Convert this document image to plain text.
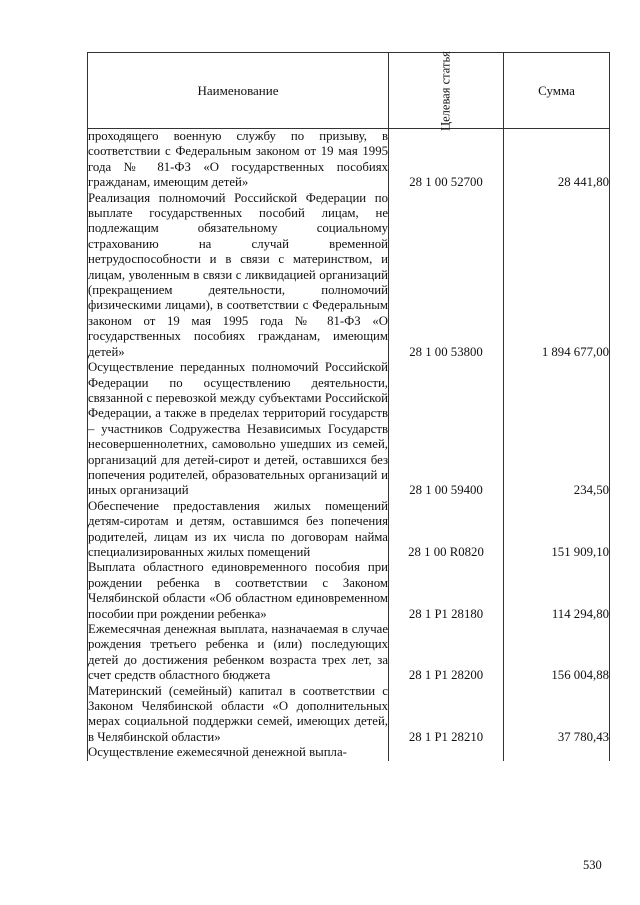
Наименование	Целевая статья	Сумма
проходящего военную службу по призыву, в соответствии с Федеральным законом от 19 мая 1995 года № 81-ФЗ «О государственных пособиях гражданам, имеющим детей»	28 1 00 52700	28 441,80
Реализация полномочий Российской Федерации по выплате государственных пособий лицам, не подлежащим обязательному социальному страхованию на случай временной нетрудоспособности и в связи с материнством, и лицам, уволенным в связи с ликвидацией организаций (прекращением деятельности, полномочий физическими лицами), в соответствии с Федеральным законом от 19 мая 1995 года № 81-ФЗ «О государственных пособиях гражданам, имеющим детей»	28 1 00 53800	1 894 677,00
Осуществление переданных полномочий Российской Федерации по осуществлению деятельности, связанной с перевозкой между субъектами Российской Федерации, а также в пределах территорий государств – участников Содружества Независимых Государств несовершеннолетних, самовольно ушедших из семей, организаций для детей-сирот и детей, оставшихся без попечения родителей, образовательных организаций и иных организаций	28 1 00 59400	234,50
Обеспечение предоставления жилых помещений детям-сиротам и детям, оставшимся без попечения родителей, лицам из их числа по договорам найма специализированных жилых помещений	28 1 00 R0820	151 909,10
Выплата областного единовременного пособия при рождении ребенка в соответствии с Законом Челябинской области «Об областном единовременном пособии при рождении ребенка»	28 1 P1 28180	114 294,80
Ежемесячная денежная выплата, назначаемая в случае рождения третьего ребенка и (или) последующих детей до достижения ребенком возраста трех лет, за счет средств областного бюджета	28 1 P1 28200	156 004,88
Материнский (семейный) капитал в соответствии с Законом Челябинской области «О дополнительных мерах социальной поддержки семей, имеющих детей, в Челябинской области»	28 1 P1 28210	37 780,43
Осуществление ежемесячной денежной выпла-		
530
